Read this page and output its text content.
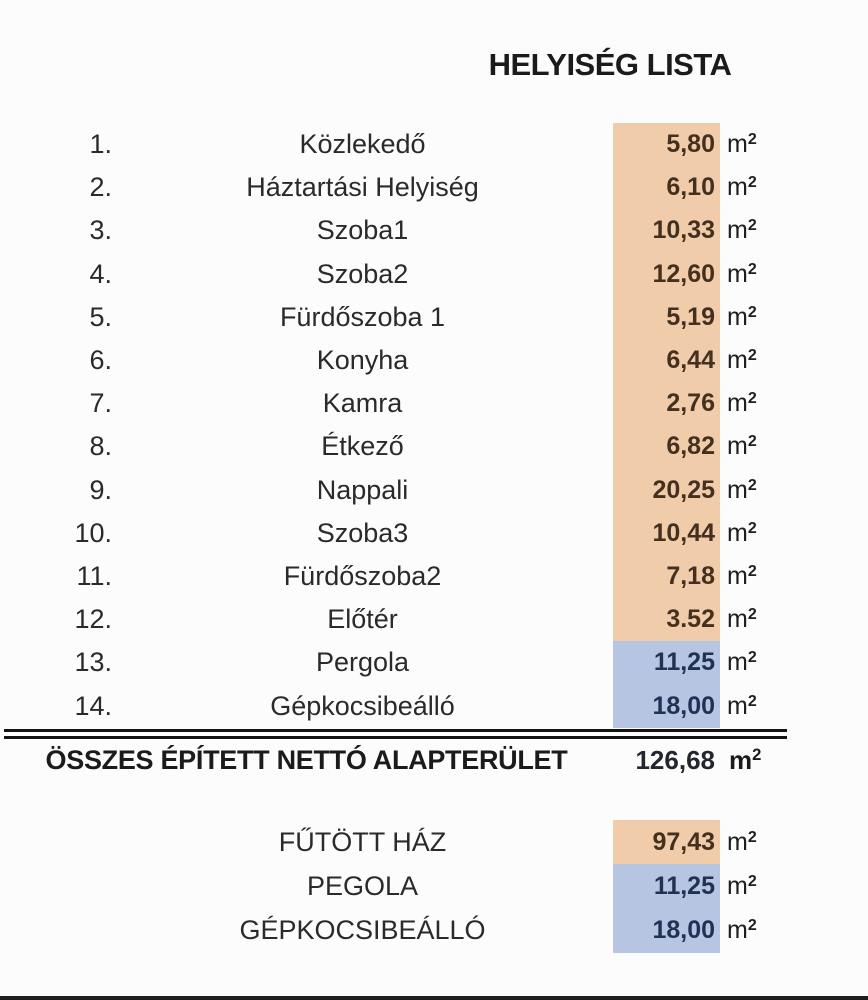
HELYISÉG LISTA
1.	Közlekedő	5,80 $m^2$
2.	Háztartási Helyiség	6,10 $m^2$
3.	Szoba1	10,33 $m^2$
4.	Szoba2	12,60 $m^2$
5.	Fürdőszoba 1	5,19 $m^2$
6.	Konyha	6,44 $m^2$
7.	Kamra	2,76 $m^2$
8.	Étkező	6,82 $m^2$
9.	Nappali	20,25 $m^2$
10.	Szoba3	10,44 $m^2$
11.	Fürdőszoba2	7,18 $m^2$
12.	Előtér	3.52 $m^2$
13.	Pergola	11,25 $m^2$
14.	Gépkocsibeálló	18,00 $m^2$
ÖSSZES ÉPÍTETT NETTÓ ALAPTERÜLET	126,68 $m^2$
FŰTÖTT HÁZ	97,43 $m^2$
PEGOLA	11,25 $m^2$
GÉPKOCSIBEÁLLÓ	18,00 $m^2$
